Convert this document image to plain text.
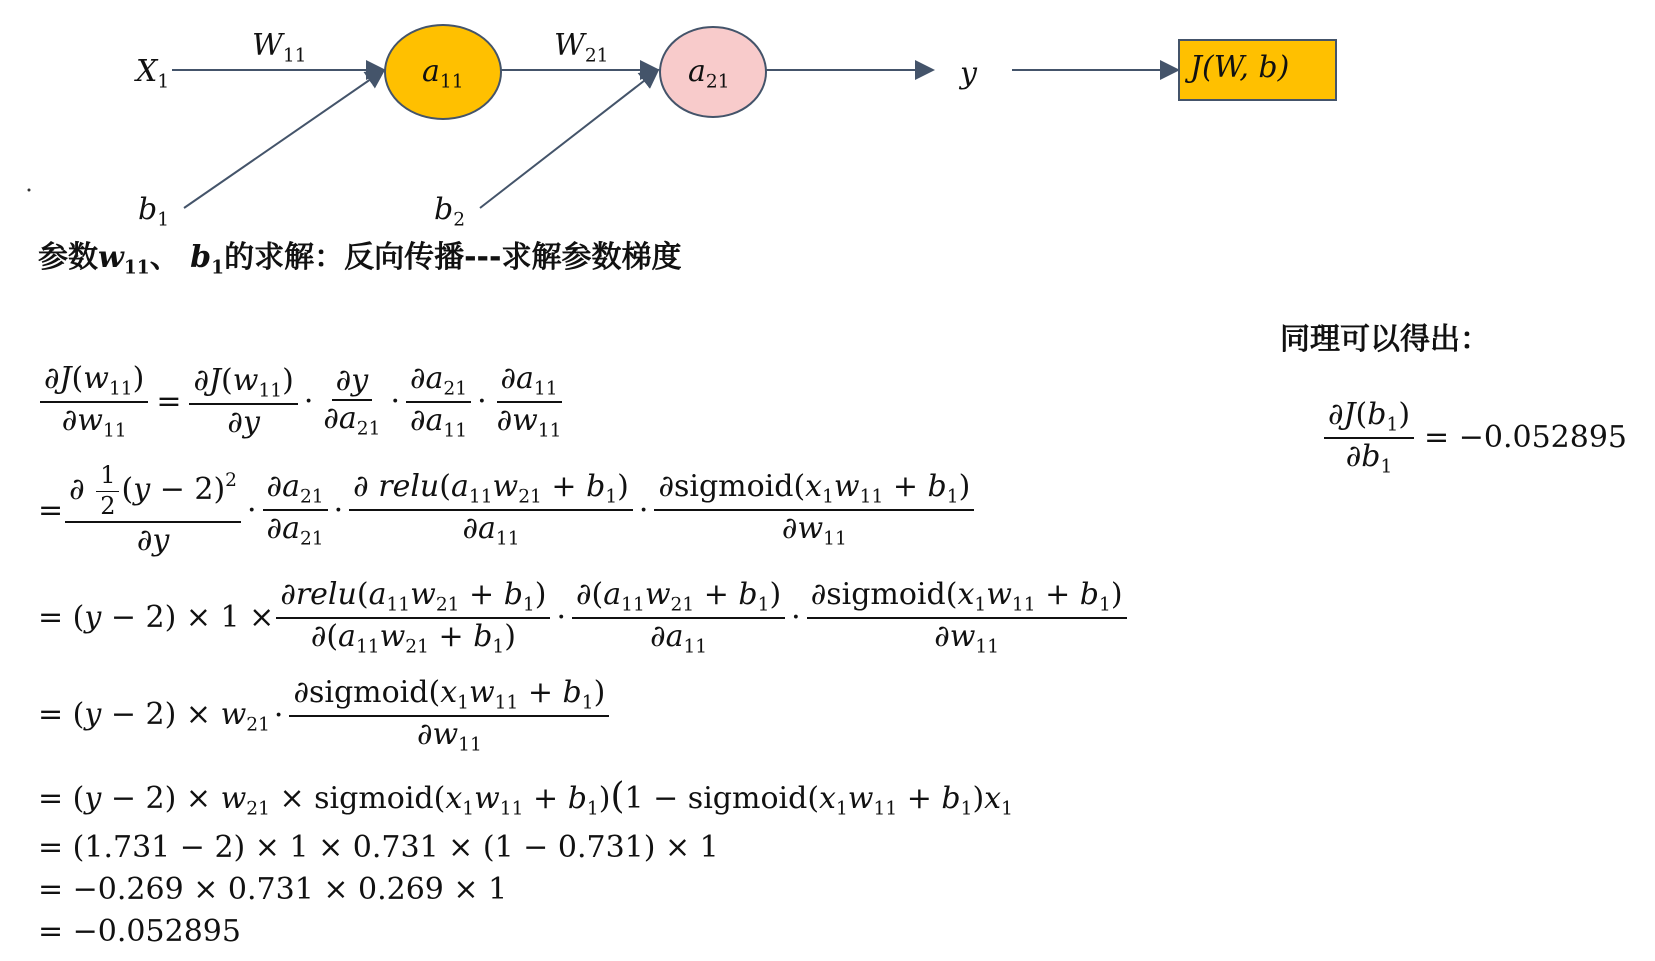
$X_1$
$W_{11}$	$a_{11}$
$W_{21}$	$a_{21}$	y	J(W, b)
$b_1$	$b_2$
参数$w_{11}$、 $b_1$的求解：反向传播---求解参数梯度
同理可以得出：
$\frac{\partial J(b_1)}{\partial b_1} = -0.052895$
$\frac{\partial J(w_{11})}{\partial w_{11}} = \frac{\partial J(w_{11})}{\partial y} \cdot \frac{\partial y}{\partial a_{21}} \cdot \frac{\partial a_{21}}{\partial a_{11}} \cdot \frac{\partial a_{11}}{\partial w_{11}}$
= $\frac{\partial \frac{1}{2} (y - 2)^2}{\partial y} \cdot \frac{\partial a_{21}}{\partial a_{21}} \cdot \frac{\partial relu(a_{11}w_{21} + b_1)}{\partial a_{11}} \cdot \frac{\partial sigmoid(x_1w_{11} + b_1)}{\partial w_{11}}$
= $(y - 2) \times 1 \times \frac{\partial relu(a_{11}w_{21} + b_1)}{\partial(a_{11}w_{21} + b_1)} \cdot \frac{\partial(a_{11}w_{21} + b_1)}{\partial a_{11}} \cdot \frac{\partial sigmoid(x_1w_{11} + b_1)}{\partial w_{11}}$
= $(y - 2) \times w_{21} \cdot \frac{\partial sigmoid(x_1w_{11} + b_1)}{\partial w_{11}}$
= $(y - 2) \times w_{21}$ × $sigmoid(x_1w_{11} + b_1)(1$ − $sigmoid(x_1w_{11} + b_1)x_1$
= (1.731 − 2) × 1 × 0.731 × (1 − 0.731) × 1
= −0.269 × 0.731 × 0.269 × 1
= −0.052895
